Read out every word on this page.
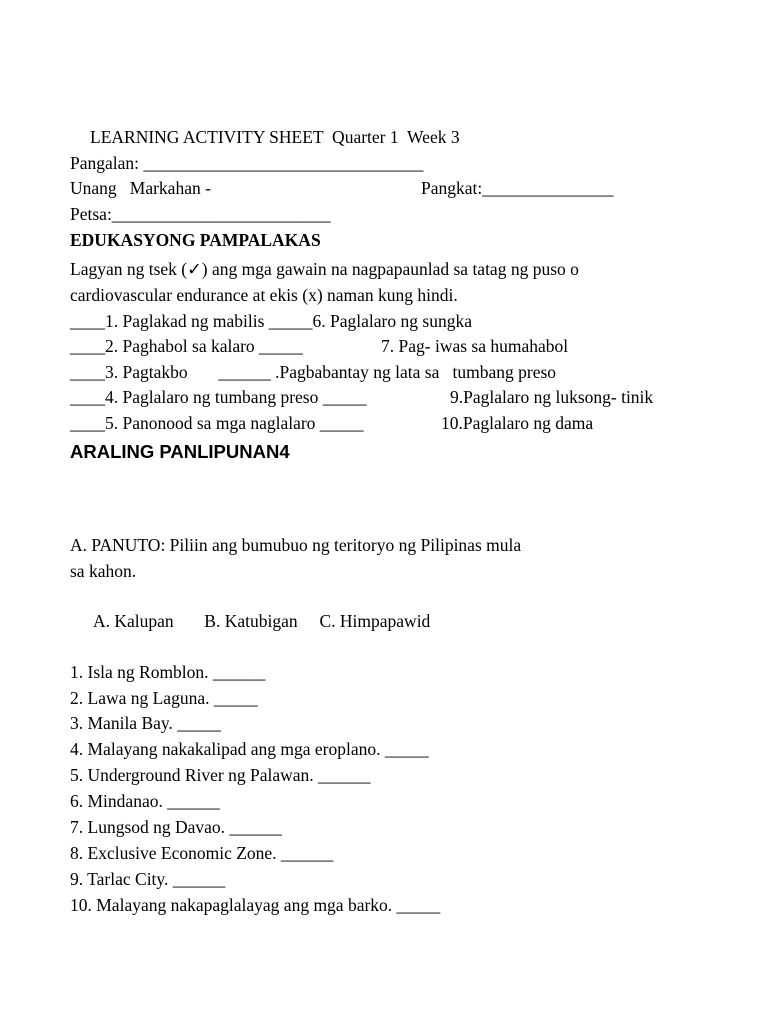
LEARNING ACTIVITY SHEET  Quarter 1  Week 3
Pangalan: ________________________________
Unang   Markahan -	Pangkat:_______________
Petsa:_________________________
EDUKASYONG PAMPALAKAS
Lagyan ng tsek (✓) ang mga gawain na nagpapaunlad sa tatag ng puso o
cardiovascular endurance at ekis (x) naman kung hindi.
____1. Paglakad ng mabilis _____6. Paglalaro ng sungka
____2. Paghabol sa kalaro _____	7. Pag- iwas sa humahabol
____3. Pagtakbo       ______ .Pagbabantay ng lata sa   tumbang preso
____4. Paglalaro ng tumbang preso _____	9.Paglalaro ng luksong- tinik
____5. Panonood sa mga naglalaro _____	10.Paglalaro ng dama
ARALING PANLIPUNAN4
A. PANUTO: Piliin ang bumubuo ng teritoryo ng Pilipinas mula
sa kahon.
A. Kalupan       B. Katubigan     C. Himpapawid
1. Isla ng Romblon. ______
2. Lawa ng Laguna. _____
3. Manila Bay. _____
4. Malayang nakakalipad ang mga eroplano. _____
5. Underground River ng Palawan. ______
6. Mindanao. ______
7. Lungsod ng Davao. ______
8. Exclusive Economic Zone. ______
9. Tarlac City. ______
10. Malayang nakapaglalayag ang mga barko. _____
